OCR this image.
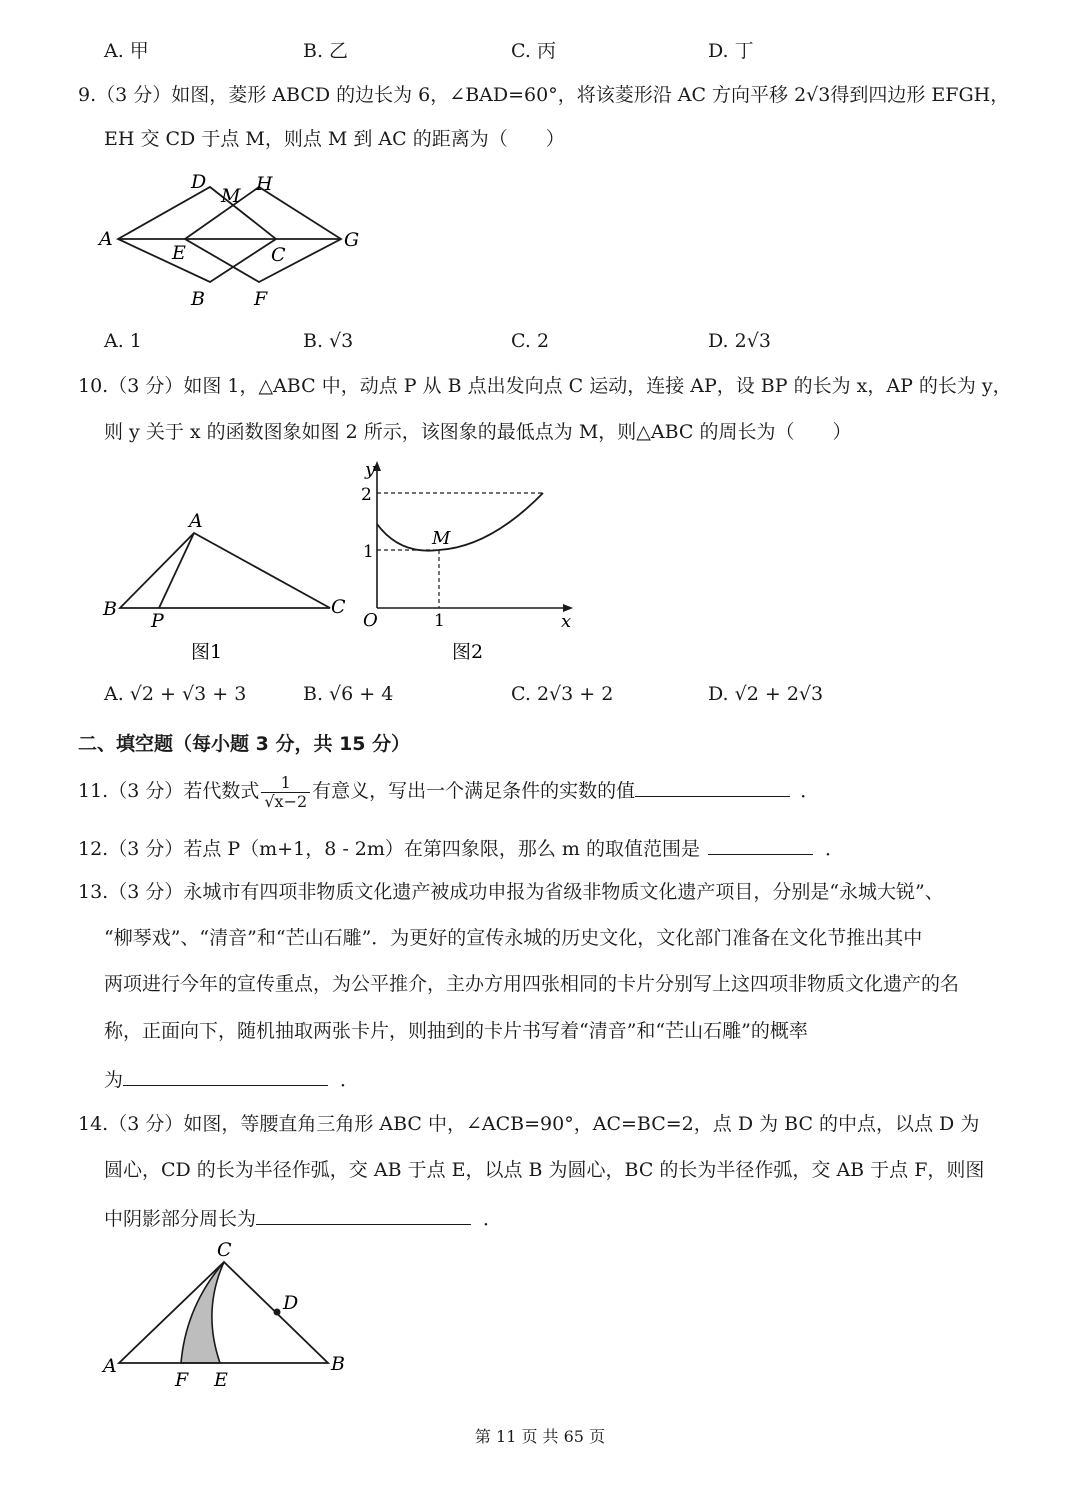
A. 甲	B. 乙	C. 丙	D. 丁
9.（3 分）如图，菱形 ABCD 的边长为 6，∠BAD=60°，将该菱形沿 AC 方向平移 2√3得到四边形 EFGH，
EH 交 CD 于点 M，则点 M 到 AC 的距离为（　　）
A
D
M
H
G
E	C
B	F
A. 1	B. √3	C. 2	D. 2√3
10.（3 分）如图 1，△ABC 中，动点 P 从 B 点出发向点 C 运动，连接 AP，设 BP 的长为 x，AP 的长为 y，
则 y 关于 x 的函数图象如图 2 所示，该图象的最低点为 M，则△ABC 的周长为（　　）
A
B	C
P
图1
y
2
1
O	1	x
M
图2
A. √2 + √3 + 3	B. √6 + 4	C. 2√3 + 2	D. √2 + 2√3
二、填空题（每小题 3 分，共 15 分）
11.（3 分）若代数式 $\frac{1}{√x-2}$ 有意义，写出一个满足条件的实数的值	．
12.（3 分）若点 P（m+1，8 - 2m）在第四象限，那么 m 的取值范围是	．
13.（3 分）永城市有四项非物质文化遗产被成功申报为省级非物质文化遗产项目，分别是“永城大锐”、
“柳琴戏”、“清音”和“芒山石雕”．为更好的宣传永城的历史文化，文化部门准备在文化节推出其中
两项进行今年的宣传重点，为公平推介，主办方用四张相同的卡片分别写上这四项非物质文化遗产的名
称，正面向下，随机抽取两张卡片，则抽到的卡片书写着“清音”和“芒山石雕”的概率
为	．
14.（3 分）如图，等腰直角三角形 ABC 中，∠ACB=90°，AC=BC=2，点 D 为 BC 的中点，以点 D 为
圆心，CD 的长为半径作弧，交 AB 于点 E，以点 B 为圆心，BC 的长为半径作弧，交 AB 于点 F，则图
中阴影部分周长为	．
C
D
A	B
F E
第 11 页 共 65 页
